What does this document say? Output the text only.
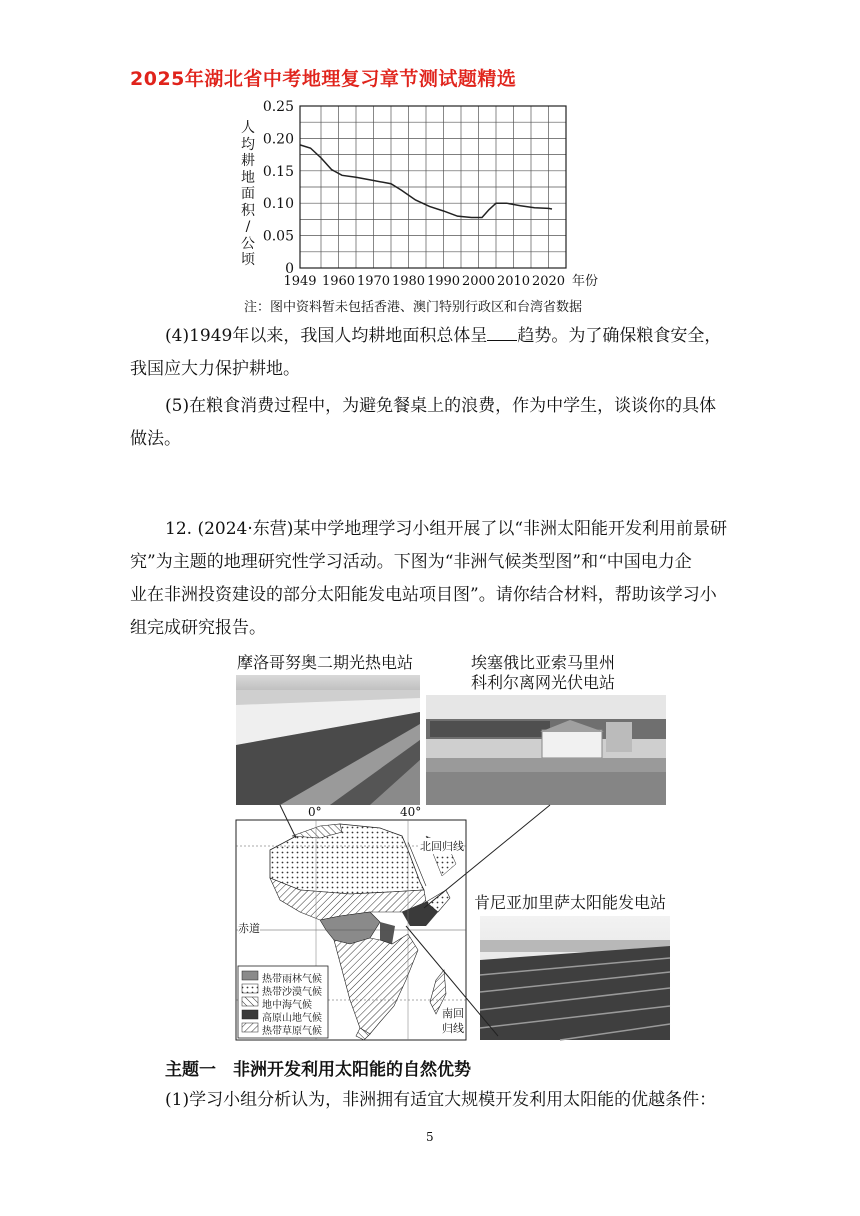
2025年湖北省中考地理复习章节测试题精选
0
0.05
0.10
0.15
0.20
0.25
1949 1960 1970 1980 1990 2000 2010 2020 年份
人
均
耕
地
面
积
/
公
顷
注：图中资料暂未包括香港、澳门特别行政区和台湾省数据
(4)1949年以来，我国人均耕地面积总体呈 趋势。为了确保粮食安全，
我国应大力保护耕地。
(5)在粮食消费过程中，为避免餐桌上的浪费，作为中学生，谈谈你的具体
做法。
12. (2024·东营)某中学地理学习小组开展了以“非洲太阳能开发利用前景研
究”为主题的地理研究性学习活动。下图为“非洲气候类型图”和“中国电力企
业在非洲投资建设的部分太阳能发电站项目图”。请你结合材料，帮助该学习小
组完成研究报告。
摩洛哥努奥二期光热电站	埃塞俄比亚索马里州
科利尔离网光伏电站
肯尼亚加里萨太阳能发电站
0°	40°
北回归线
赤道
南回
归线
热带雨林气候
热带沙漠气候
地中海气候
高原山地气候
热带草原气候
主题一　非洲开发利用太阳能的自然优势
(1)学习小组分析认为，非洲拥有适宜大规模开发利用太阳能的优越条件：
5
